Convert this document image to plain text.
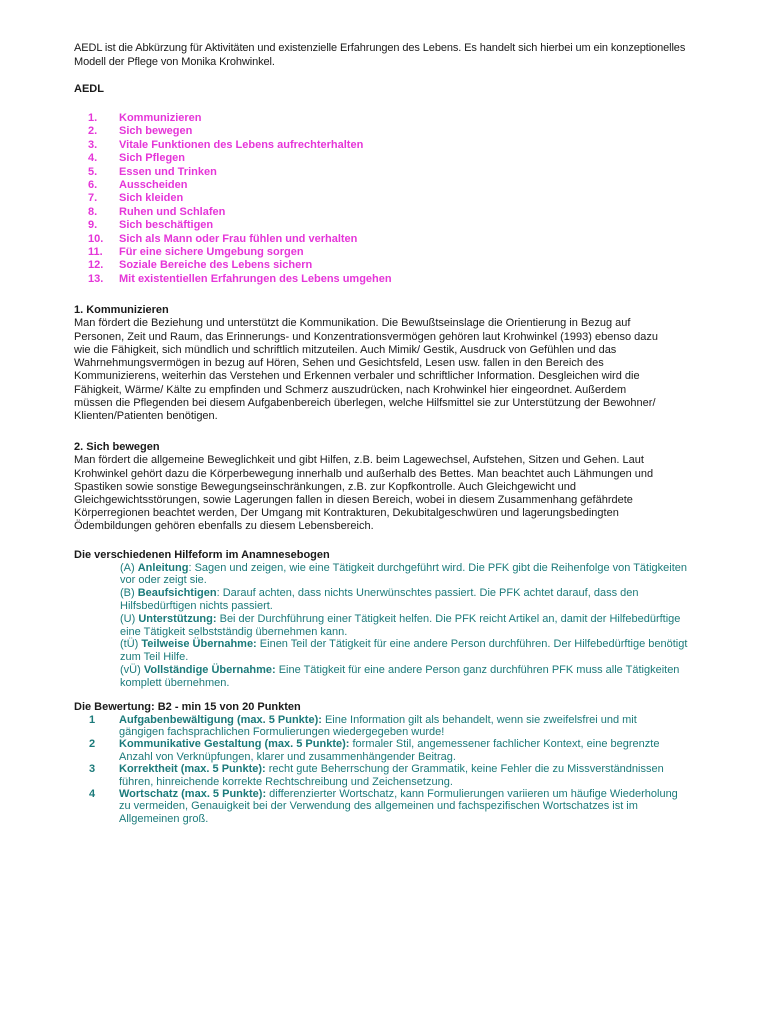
AEDL ist die Abkürzung für Aktivitäten und existenzielle Erfahrungen des Lebens. Es handelt sich hierbei um ein konzeptionelles
Modell der Pflege von Monika Krohwinkel.

AEDL
1. Kommunizieren
2. Sich bewegen
3. Vitale Funktionen des Lebens aufrechterhalten
4. Sich Pflegen
5. Essen und Trinken
6. Ausscheiden
7. Sich kleiden
8. Ruhen und Schlafen
9. Sich beschäftigen
10. Sich als Mann oder Frau fühlen und verhalten
11. Für eine sichere Umgebung sorgen
12. Soziale Bereiche des Lebens sichern
13. Mit existentiellen Erfahrungen des Lebens umgehen
1. Kommunizieren

Man fördert die Beziehung und unterstützt die Kommunikation. Die Bewußtseinslage die Orientierung in Bezug auf
Personen, Zeit und Raum, das Erinnerungs- und Konzentrationsvermögen gehören laut Krohwinkel (1993) ebenso dazu
wie die Fähigkeit, sich mündlich und schriftlich mitzuteilen. Auch Mimik/ Gestik, Ausdruck von Gefühlen und das
Wahrnehmungsvermögen in bezug auf Hören, Sehen und Gesichtsfeld, Lesen usw. fallen in den Bereich des
Kommunizierens, weiterhin das Verstehen und Erkennen verbaler und schriftlicher Information. Desgleichen wird die
Fähigkeit, Wärme/ Kälte zu empfinden und Schmerz auszudrücken, nach Krohwinkel hier eingeordnet. Außerdem
müssen die Pflegenden bei diesem Aufgabenbereich überlegen, welche Hilfsmittel sie zur Unterstützung der Bewohner/
Klienten/Patienten benötigen.

2. Sich bewegen

Man fördert die allgemeine Beweglichkeit und gibt Hilfen, z.B. beim Lagewechsel, Aufstehen, Sitzen und Gehen. Laut
Krohwinkel gehört dazu die Körperbewegung innerhalb und außerhalb des Bettes. Man beachtet auch Lähmungen und
Spastiken sowie sonstige Bewegungseinschränkungen, z.B. zur Kopfkontrolle. Auch Gleichgewicht und
Gleichgewichtsstörungen, sowie Lagerungen fallen in diesen Bereich, wobei in diesem Zusammenhang gefährdete
Körperregionen beachtet werden, Der Umgang mit Kontrakturen, Dekubitalgeschwüren und lagerungsbedingten
Ödembildungen gehören ebenfalls zu diesem Lebensbereich.

Die verschiedenen Hilfeform im Anamnesebogen
(A) Anleitung: Sagen und zeigen, wie eine Tätigkeit durchgeführt wird. Die PFK gibt die Reihenfolge von Tätigkeiten vor oder zeigt sie.
(B) Beaufsichtigen: Darauf achten, dass nichts Unerwünschtes passiert. Die PFK achtet darauf, dass den Hilfsbedürftigen nichts passiert.
(U) Unterstützung: Bei der Durchführung einer Tätigkeit helfen. Die PFK reicht Artikel an, damit der Hilfebedürftige eine Tätigkeit selbstständig übernehmen kann.
(tÜ) Teilweise Übernahme: Einen Teil der Tätigkeit für eine andere Person durchführen. Der Hilfebedürftige benötigt zum Teil Hilfe.
(vÜ) Vollständige Übernahme: Eine Tätigkeit für eine andere Person ganz durchführen PFK muss alle Tätigkeiten komplett übernehmen.
Die Bewertung: B2 - min 15 von 20 Punkten
1 Aufgabenbewältigung (max. 5 Punkte): Eine Information gilt als behandelt, wenn sie zweifelsfrei und mit gängigen fachsprachlichen Formulierungen wiedergegeben wurde!
2 Kommunikative Gestaltung (max. 5 Punkte): formaler Stil, angemessener fachlicher Kontext, eine begrenzte Anzahl von Verknüpfungen, klarer und zusammenhängender Beitrag.
3 Korrektheit (max. 5 Punkte): recht gute Beherrschung der Grammatik, keine Fehler die zu Missverständnissen führen, hinreichende korrekte Rechtschreibung und Zeichensetzung.
4 Wortschatz (max. 5 Punkte): differenzierter Wortschatz, kann Formulierungen variieren um häufige Wiederholung zu vermeiden, Genauigkeit bei der Verwendung des allgemeinen und fachspezifischen Wortschatzes ist im Allgemeinen groß.
